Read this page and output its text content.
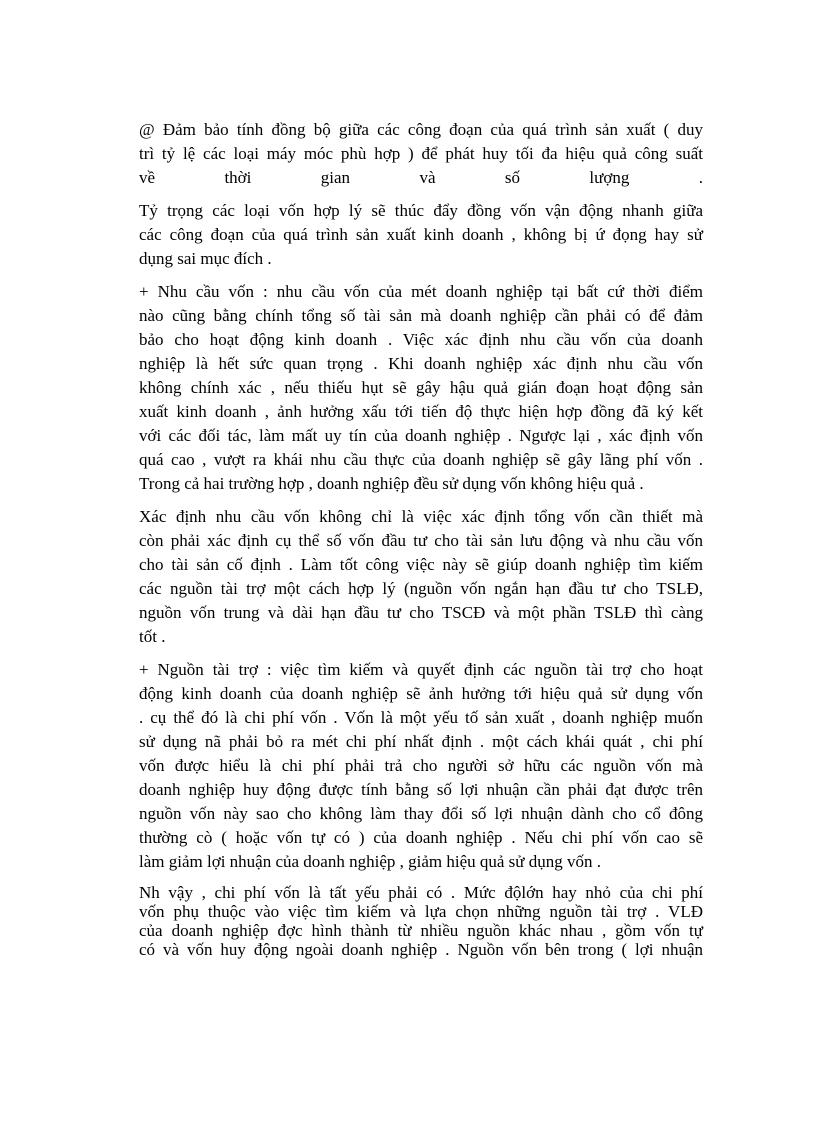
@ Đảm bảo tính đồng bộ giữa các công đoạn của quá trình sản xuất ( duy
trì tỷ lệ các loại máy móc phù hợp ) để phát huy tối đa hiệu quả công suất
về thời gian và số lượng .
Tỷ trọng các loại vốn hợp lý sẽ thúc đẩy đồng vốn vận động nhanh giữa
các công đoạn của quá trình sản xuất kinh doanh , không bị ứ đọng hay sử
dụng sai mục đích .
+ Nhu cầu vốn : nhu cầu vốn của mét doanh nghiệp tại bất cứ thời điểm
nào cũng bằng chính tổng số tài sản mà doanh nghiệp cần phải có để đảm
bảo cho hoạt động kinh doanh . Việc xác định nhu cầu vốn của doanh
nghiệp là hết sức quan trọng . Khi doanh nghiệp xác định nhu cầu vốn
không chính xác , nếu thiếu hụt sẽ gây hậu quả gián đoạn hoạt động sản
xuất kinh doanh , ảnh hưởng xấu tới tiến độ thực hiện hợp đồng đã ký kết
với các đối tác, làm mất uy tín của doanh nghiệp . Ngược lại , xác định vốn
quá cao , vượt ra khái nhu cầu thực của doanh nghiệp sẽ gây lãng phí vốn .
Trong cả hai trường hợp , doanh nghiệp đều sử dụng vốn không hiệu quả .
Xác định nhu cầu vốn không chỉ là việc xác định tổng vốn cần thiết mà
còn phải xác định cụ thể số vốn đầu tư cho tài sản lưu động và nhu cầu vốn
cho tài sản cố định . Làm tốt công việc này sẽ giúp doanh nghiệp tìm kiếm
các nguồn tài trợ một cách hợp lý (nguồn vốn ngắn hạn đầu tư cho TSLĐ,
nguồn vốn trung và dài hạn đầu tư cho TSCĐ và một phần TSLĐ thì càng
tốt .
+ Nguồn tài trợ : việc tìm kiếm và quyết định các nguồn tài trợ cho hoạt
động kinh doanh của doanh nghiệp sẽ ảnh hưởng tới hiệu quả sử dụng vốn
. cụ thể đó là chi phí vốn . Vốn là một yếu tố sản xuất , doanh nghiệp muốn
sử dụng nã phải bỏ ra mét chi phí nhất định . một cách khái quát , chi phí
vốn được hiểu là chi phí phải trả cho người sở hữu các nguồn vốn mà
doanh nghiệp huy động được tính bằng số lợi nhuận cần phải đạt được trên
nguồn vốn này sao cho không làm thay đổi số lợi nhuận dành cho cổ đông
thường cò ( hoặc vốn tự có ) của doanh nghiệp . Nếu chi phí vốn cao sẽ
làm giảm lợi nhuận của doanh nghiệp , giảm hiệu quả sử dụng vốn .
Nh vậy , chi phí vốn là tất yếu phải có . Mức độlớn hay nhỏ của chi phí
vốn phụ thuộc vào việc tìm kiếm và lựa chọn những nguồn tài trợ . VLĐ
của doanh nghiệp đợc hình thành từ nhiều nguồn khác nhau , gồm vốn tự
có và vốn huy động ngoài doanh nghiệp . Nguồn vốn bên trong ( lợi nhuận
